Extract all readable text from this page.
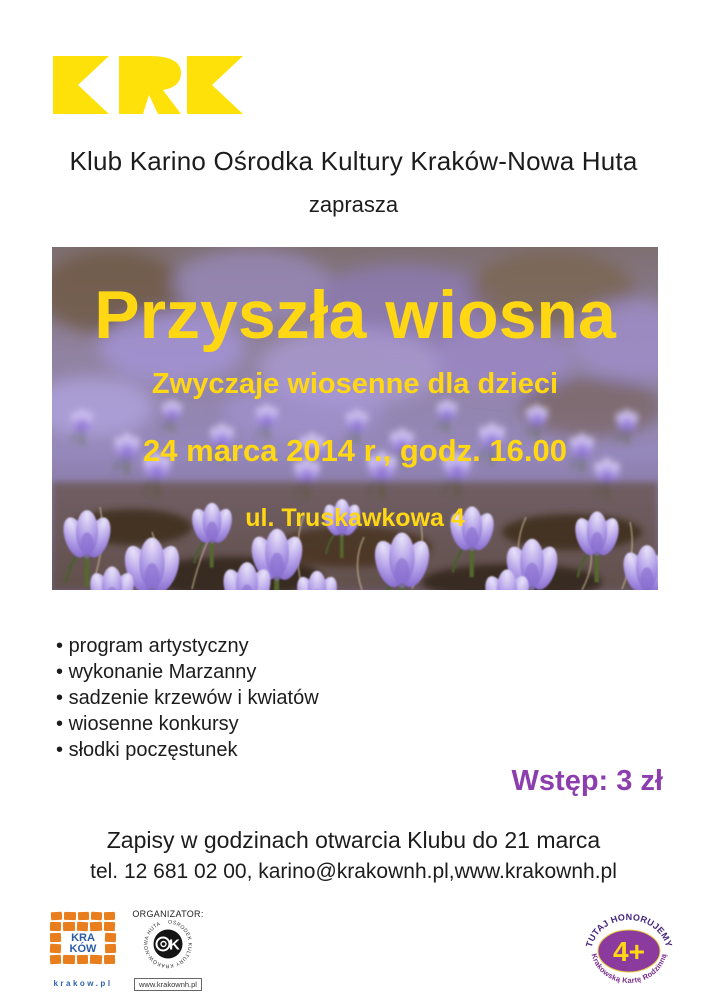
Klub Karino Ośrodka Kultury Kraków-Nowa Huta
zaprasza
Przyszła wiosna
Zwyczaje wiosenne dla dzieci
24 marca 2014 r., godz. 16.00
ul. Truskawkowa 4
• program artystyczny
• wykonanie Marzanny
• sadzenie krzewów i kwiatów
• wiosenne konkursy
• słodki poczęstunek
Wstęp: 3 zł
Zapisy w godzinach otwarcia Klubu do 21 marca
tel. 12 681 02 00, karino@krakownh.pl,www.krakownh.pl
KRA
KÓW
krakow.pl
ORGANIZATOR:
OŚRODEK KULTURY KRAKÓW-NOWA HUTA
K
www.krakownh.pl
TUTAJ HONORUJEMY
4+
Krakowską Kartę Rodzinną
